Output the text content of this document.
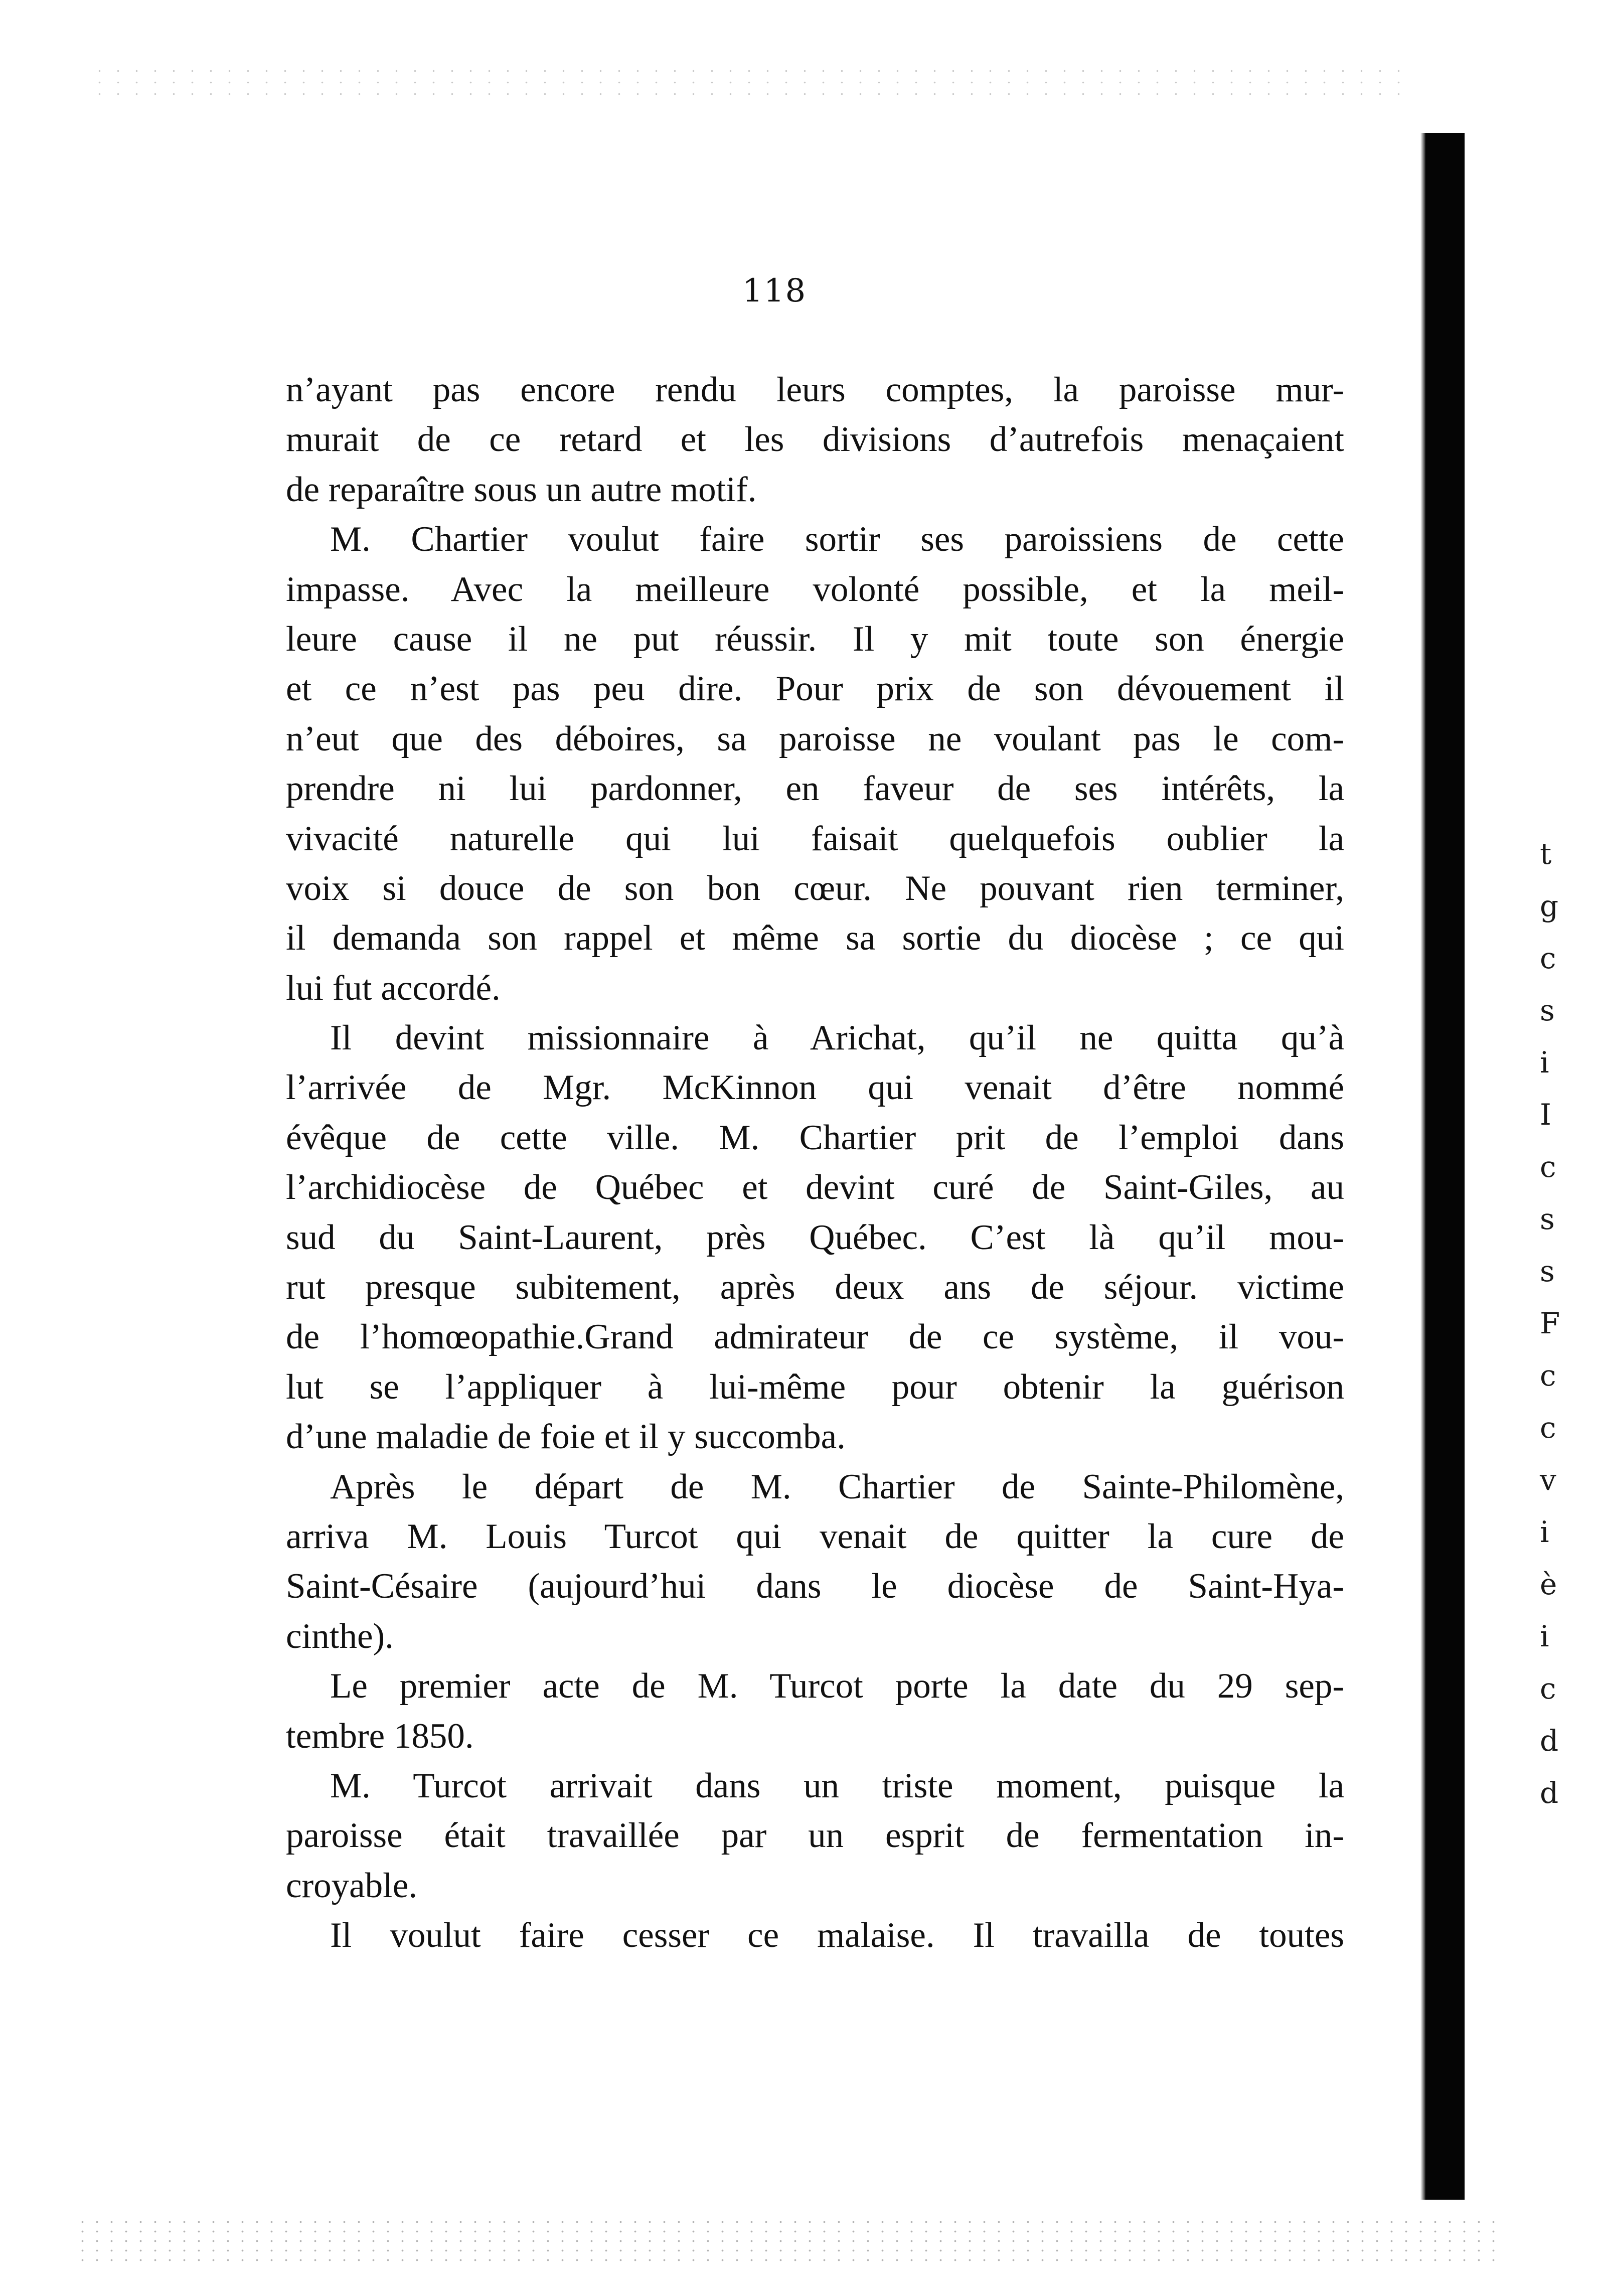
118
n’ayant pas encore rendu leurs comptes, la paroisse mur-
murait de ce retard et les divisions d’autrefois menaçaient
de reparaître sous un autre motif.
M. Chartier voulut faire sortir ses paroissiens de cette
impasse. Avec la meilleure volonté possible, et la meil-
leure cause il ne put réussir. Il y mit toute son énergie
et ce n’est pas peu dire. Pour prix de son dévouement il
n’eut que des déboires, sa paroisse ne voulant pas le com-
prendre ni lui pardonner, en faveur de ses intérêts, la
vivacité naturelle qui lui faisait quelquefois oublier la
voix si douce de son bon cœur. Ne pouvant rien terminer,
il demanda son rappel et même sa sortie du diocèse ; ce qui
lui fut accordé.
Il devint missionnaire à Arichat, qu’il ne quitta qu’à
l’arrivée de Mgr. McKinnon qui venait d’être nommé
évêque de cette ville. M. Chartier prit de l’emploi dans
l’archidiocèse de Québec et devint curé de Saint-Giles, au
sud du Saint-Laurent, près Québec. C’est là qu’il mou-
rut presque subitement, après deux ans de séjour. victime
de l’homœopathie.Grand admirateur de ce système, il vou-
lut se l’appliquer à lui-même pour obtenir la guérison
d’une maladie de foie et il y succomba.
Après le départ de M. Chartier de Sainte-Philomène,
arriva M. Louis Turcot qui venait de quitter la cure de
Saint-Césaire (aujourd’hui dans le diocèse de Saint-Hya-
cinthe).
Le premier acte de M. Turcot porte la date du 29 sep-
tembre 1850.
M. Turcot arrivait dans un triste moment, puisque la
paroisse était travaillée par un esprit de fermentation in-
croyable.
Il voulut faire cesser ce malaise. Il travailla de toutes
t
g
c
s
i
I
c
s
s
F
c
c
v
i
è
i
c
d
d
